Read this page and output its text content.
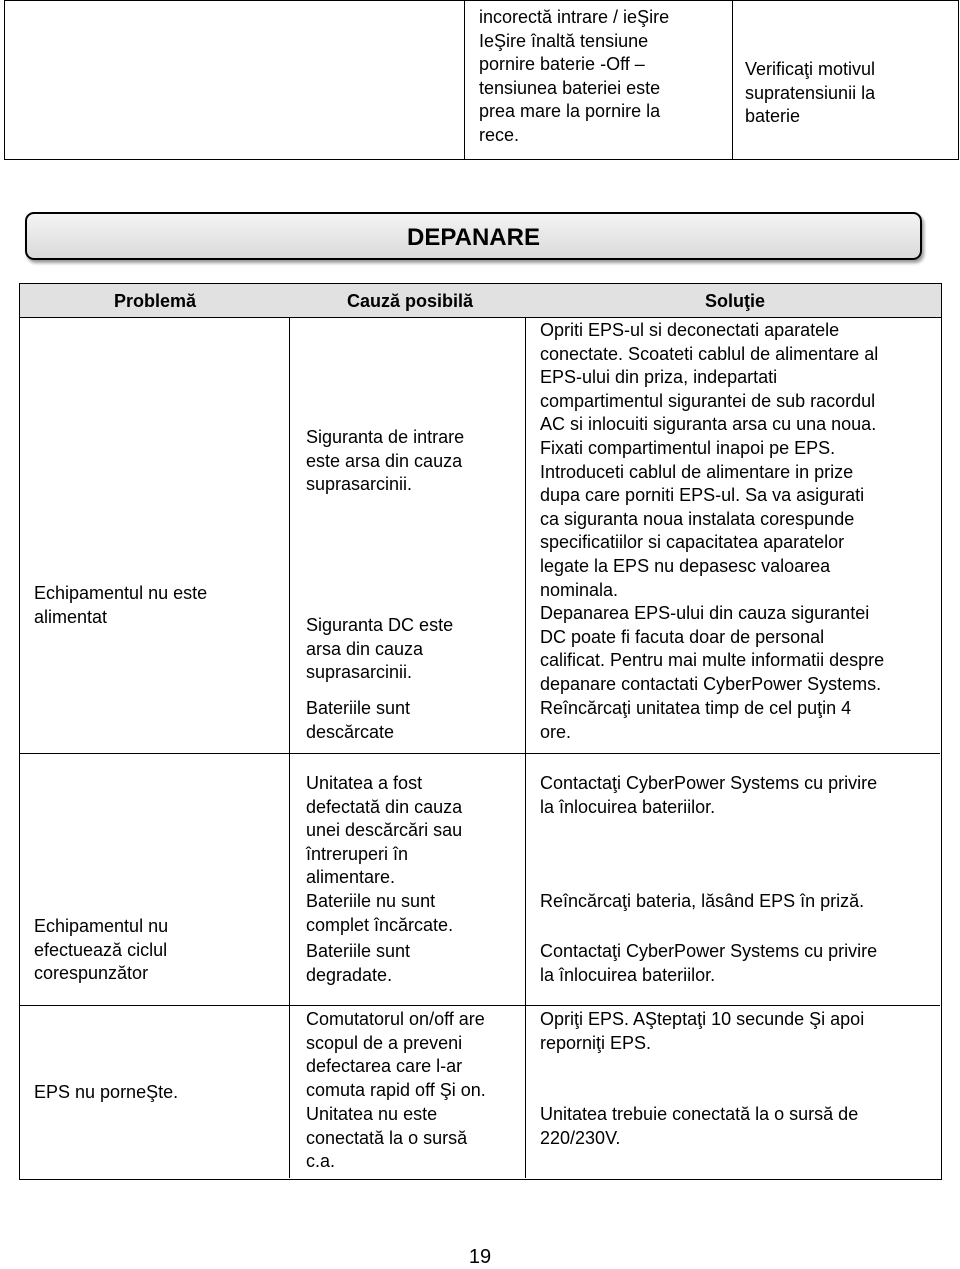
incorectă intrare / ieŞire
IeŞire înaltă tensiune
pornire baterie -Off –
tensiunea bateriei este
prea mare la pornire la
rece.
Verificaţi motivul
supratensiunii la
baterie
DEPANARE
Problemă	Cauză posibilă	Soluţie
Echipamentul nu este
alimentat
Siguranta de intrare
este arsa din cauza
suprasarcinii.
Opriti EPS-ul si deconectati aparatele
conectate. Scoateti cablul de alimentare al
EPS-ului din priza, indepartati
compartimentul sigurantei de sub racordul
AC si inlocuiti siguranta arsa cu una noua.
Fixati compartimentul inapoi pe EPS.
Introduceti cablul de alimentare in prize
dupa care porniti EPS-ul. Sa va asigurati
ca siguranta noua instalata corespunde
specificatiilor si capacitatea aparatelor
legate la EPS nu depasesc valoarea
nominala.
Siguranta DC este
arsa din cauza
suprasarcinii.
Depanarea EPS-ului din cauza sigurantei
DC poate fi facuta doar de personal
calificat. Pentru mai multe informatii despre
depanare contactati CyberPower Systems.
Bateriile sunt
descărcate
Reîncărcaţi unitatea timp de cel puţin 4
ore.
Echipamentul nu
efectuează ciclul
corespunzător
Unitatea a fost
defectată din cauza
unei descărcări sau
întreruperi în
alimentare.
Contactaţi CyberPower Systems cu privire
la înlocuirea bateriilor.
Bateriile nu sunt
complet încărcate.
Reîncărcaţi bateria, lăsând EPS în priză.
Bateriile sunt
degradate.
Contactaţi CyberPower Systems cu privire
la înlocuirea bateriilor.
EPS nu porneŞte.
Comutatorul on/off are
scopul de a preveni
defectarea care l-ar
comuta rapid off Şi on.
Opriţi EPS. AŞteptaţi 10 secunde Şi apoi
reporniţi EPS.
Unitatea nu este
conectată la o sursă
c.a.
Unitatea trebuie conectată la o sursă de
220/230V.
19
